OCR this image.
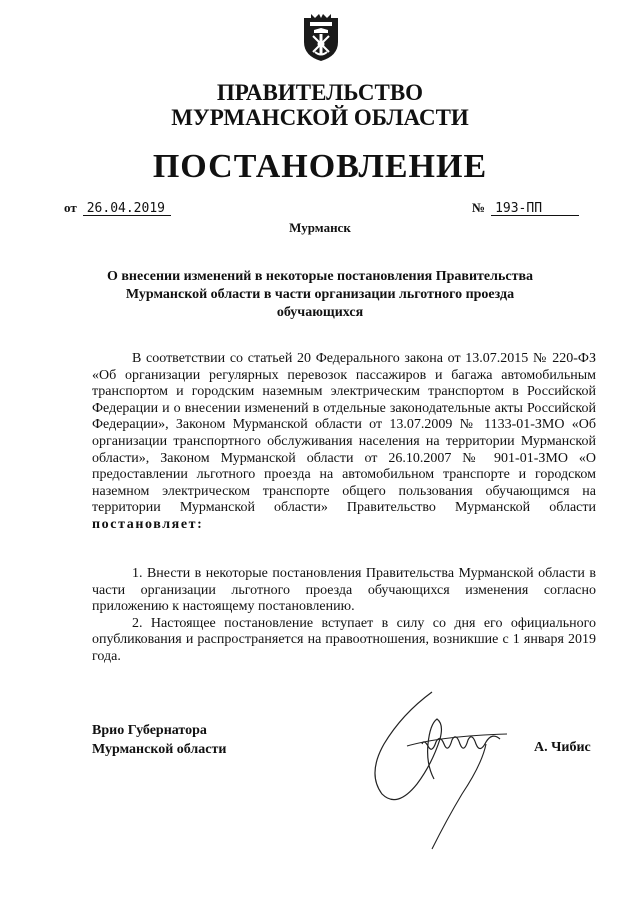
ПРАВИТЕЛЬСТВО

МУРМАНСКОЙ ОБЛАСТИ

ПОСТАНОВЛЕНИЕ

от 26.04.2019	№ 193-ПП
Мурманск

О внесении изменений в некоторые постановления Правительства Мурманской области в части организации льготного проезда обучающихся

В соответствии со статьей 20 Федерального закона от 13.07.2015 № 220-ФЗ «Об организации регулярных перевозок пассажиров и багажа автомобильным транспортом и городским наземным электрическим транспортом в Российской Федерации и о внесении изменений в отдельные законодательные акты Российской Федерации», Законом Мурманской области от 13.07.2009 № 1133-01-ЗМО «Об организации транспортного обслуживания населения на территории Мурманской области», Законом Мурманской области от 26.10.2007 № 901-01-ЗМО «О предоставлении льготного проезда на автомобильном транспорте и городском наземном электрическом транспорте общего пользования обучающимся на территории Мурманской области» Правительство Мурманской области постановляет:

1. Внести в некоторые постановления Правительства Мурманской области в части организации льготного проезда обучающихся изменения согласно приложению к настоящему постановлению.

2. Настоящее постановление вступает в силу со дня его официального опубликования и распространяется на правоотношения, возникшие с 1 января 2019 года.

Врио Губернатора
Мурманской области	А. Чибис
